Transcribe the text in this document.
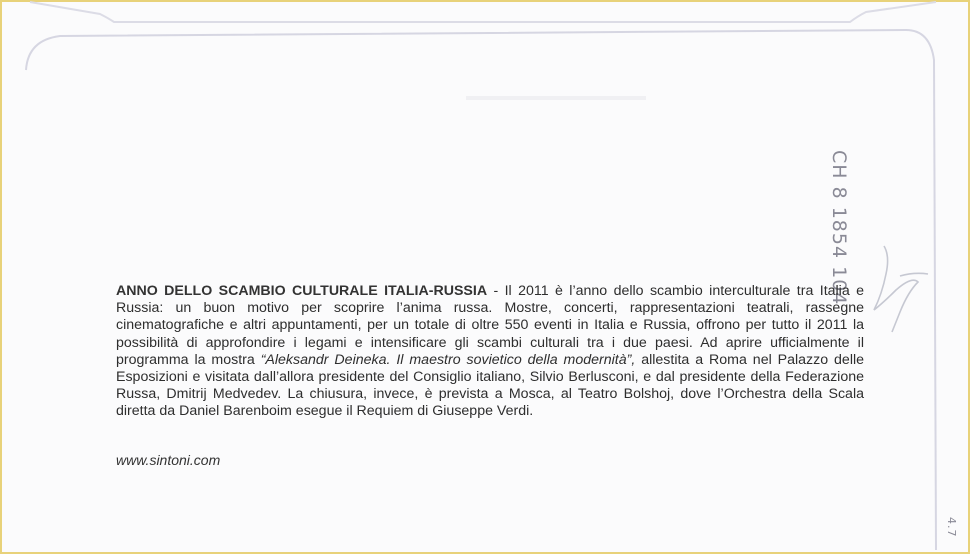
CH 8 1854 104
4.7
ANNO DELLO SCAMBIO CULTURALE ITALIA-RUSSIA - Il 2011 è l’anno dello scambio interculturale tra Italia e Russia: un buon motivo per scoprire l’anima russa. Mostre, concerti, rappresentazioni teatrali, rassegne cinematografiche e altri appuntamenti, per un totale di oltre 550 eventi in Italia e Russia, offrono per tutto il 2011 la possibilità di approfondire i legami e intensificare gli scambi culturali tra i due paesi. Ad aprire ufficialmente il programma la mostra “Aleksandr Deineka. Il maestro sovietico della modernità”, allestita a Roma nel Palazzo delle Esposizioni e visitata dall’allora presidente del Consiglio italiano, Silvio Berlusconi, e dal presidente della Federazione Russa, Dmitrij Medvedev. La chiusura, invece, è prevista a Mosca, al Teatro Bolshoj, dove l’Orchestra della Scala diretta da Daniel Barenboim esegue il Requiem di Giuseppe Verdi.
www.sintoni.com
